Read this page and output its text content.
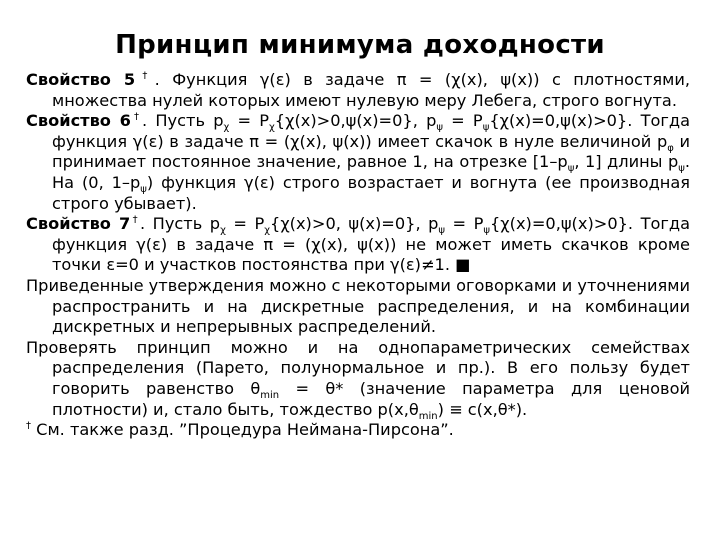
Принцип минимума доходности

Свойство 5†. Функция γ(ε) в задаче π = (χ(x), ψ(x)) с плотностями, множества нулей которых имеют нулевую меру Лебега, строго вогнута.

Свойство 6†. Пусть $p_\chi = P_\chi\{\chi(x)>0,\psi(x)=0\}$, $p_\psi = P_\psi\{\chi(x)=0,\psi(x)>0\}$. Тогда функция γ(ε) в задаче π = (χ(x), ψ(x)) имеет скачок в нуле величиной $p_\varphi$ и принимает постоянное значение, равное 1, на отрезке [$1-p_\psi$, 1] длины $p_\psi$. На (0, $1-p_\psi$) функция γ(ε) строго возрастает и вогнута (ее производная строго убывает).

Свойство 7†. Пусть $p_\chi = P_\chi\{\chi(x)>0$, ψ(x)=0}, $p_\psi = P_\psi\{\chi(x)=0,\psi(x)>0\}$. Тогда функция γ(ε) в задаче π = (χ(x), ψ(x)) не может иметь скачков кроме точки ε=0 и участков постоянства при γ(ε)≠1. ■

Приведенные утверждения можно с некоторыми оговорками и уточнениями распространить и на дискретные распределения, и на комбинации дискретных и непрерывных распределений.

Проверять принцип можно и на однопараметрических семействах распределения (Парето, полунормальное и пр.). В его пользу будет говорить равенство $\theta_{min} = \theta*$ (значение параметра для ценовой плотности) и, стало быть, тождество $p(x,\theta_{min}) \equiv c(x,\theta*)$.

† См. также разд. ”Процедура Неймана-Пирсона”.
